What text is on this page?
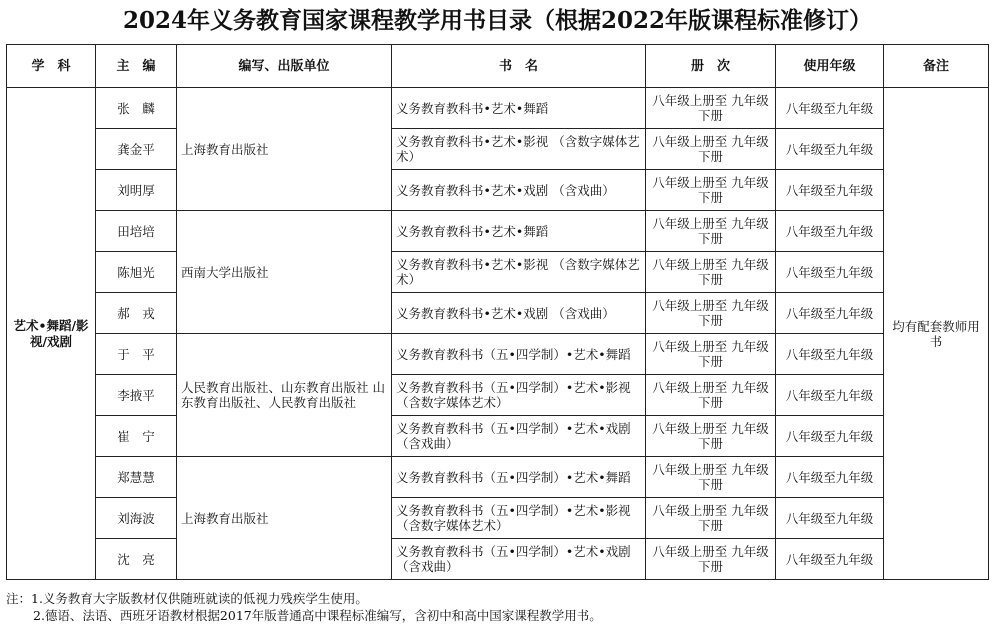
2024年义务教育国家课程教学用书目录（根据2022年版课程标准修订）
学　科	主　编	编写、出版单位	书　名	册　次	使用年级	备注
艺术•舞蹈/影视/戏剧	张　麟	上海教育出版社	义务教育教科书•艺术•舞蹈	八年级上册至 九年级下册	八年级至九年级	均有配套教师用书
	龚金平		义务教育教科书•艺术•影视 （含数字媒体艺术）	八年级上册至 九年级下册	八年级至九年级	
	刘明厚		义务教育教科书•艺术•戏剧 （含戏曲）	八年级上册至 九年级下册	八年级至九年级	
	田培培	西南大学出版社	义务教育教科书•艺术•舞蹈	八年级上册至 九年级下册	八年级至九年级	
	陈旭光		义务教育教科书•艺术•影视 （含数字媒体艺术）	八年级上册至 九年级下册	八年级至九年级	
	郝　戎		义务教育教科书•艺术•戏剧 （含戏曲）	八年级上册至 九年级下册	八年级至九年级	
	于　平	人民教育出版社、山东教育出版社 山东教育出版社、人民教育出版社	义务教育教科书（五•四学制）•艺术•舞蹈	八年级上册至 九年级下册	八年级至九年级	
	李掖平		义务教育教科书（五•四学制）•艺术•影视（含数字媒体艺术）	八年级上册至 九年级下册	八年级至九年级	
	崔　宁		义务教育教科书（五•四学制）•艺术•戏剧（含戏曲）	八年级上册至 九年级下册	八年级至九年级	
	郑慧慧	上海教育出版社	义务教育教科书（五•四学制）•艺术•舞蹈	八年级上册至 九年级下册	八年级至九年级	
	刘海波		义务教育教科书（五•四学制）•艺术•影视（含数字媒体艺术）	八年级上册至 九年级下册	八年级至九年级	
	沈　亮		义务教育教科书（五•四学制）•艺术•戏剧（含戏曲）	八年级上册至 九年级下册	八年级至九年级	
注：1.义务教育大字版教材仅供随班就读的低视力残疾学生使用。
2.德语、法语、西班牙语教材根据2017年版普通高中课程标准编写，含初中和高中国家课程教学用书。
